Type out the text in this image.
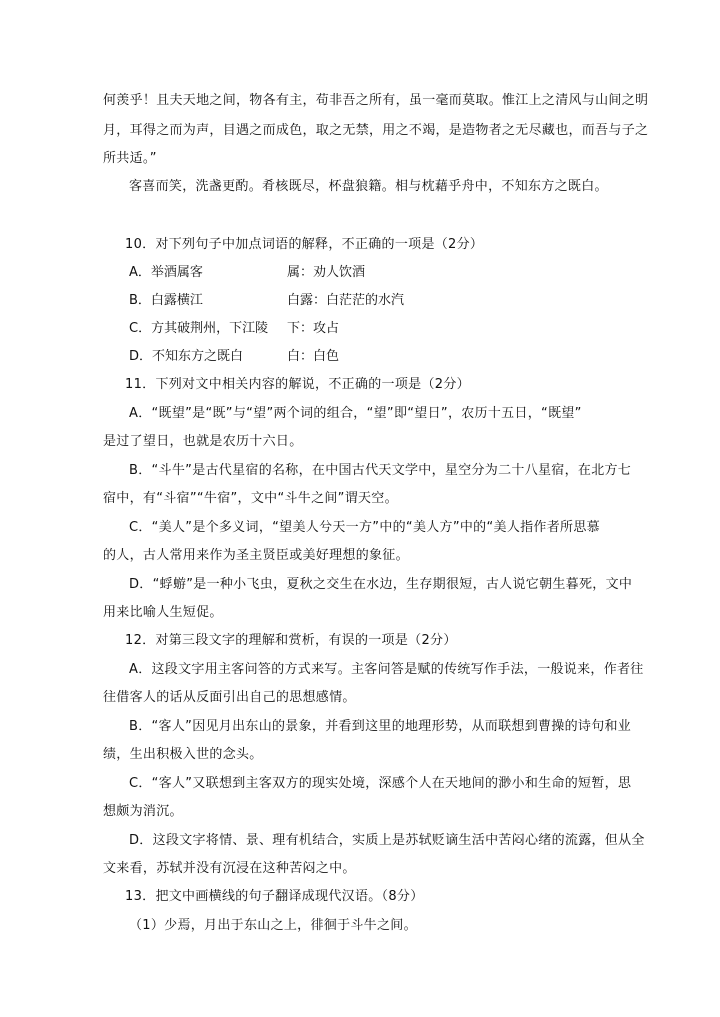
何羡乎！且夫天地之间，物各有主，苟非吾之所有，虽一毫而莫取。惟江上之清风与山间之明
月，耳得之而为声，目遇之而成色，取之无禁，用之不竭，是造物者之无尽藏也，而吾与子之
所共适。”
客喜而笑，洗盏更酌。肴核既尽，杯盘狼籍。相与枕藉乎舟中，不知东方之既白。
10．对下列句子中加点词语的解释，不正确的一项是（2分）
A．举酒属客	属：劝人饮酒
B．白露横江	白露：白茫茫的水汽
C．方其破荆州，下江陵 下：攻占
D．不知东方之既白	白：白色
11．下列对文中相关内容的解说，不正确的一项是（2分）
A．“既望”是“既”与“望”两个词的组合，“望”即“望日”，农历十五日，“既望”
是过了望日，也就是农历十六日。
B．“斗牛”是古代星宿的名称，在中国古代天文学中，星空分为二十八星宿，在北方七
宿中，有“斗宿”“牛宿”，文中“斗牛之间”谓天空。
C．“美人”是个多义词，“望美人兮天一方”中的“美人方”中的“美人指作者所思慕
的人，古人常用来作为圣主贤臣或美好理想的象征。
D．“蜉蝣”是一种小飞虫，夏秋之交生在水边，生存期很短，古人说它朝生暮死，文中
用来比喻人生短促。
12．对第三段文字的理解和赏析，有误的一项是（2分）
A．这段文字用主客问答的方式来写。主客问答是赋的传统写作手法，一般说来，作者往
往借客人的话从反面引出自己的思想感情。
B．“客人”因见月出东山的景象，并看到这里的地理形势，从而联想到曹操的诗句和业
绩，生出积极入世的念头。
C．“客人”又联想到主客双方的现实处境，深感个人在天地间的渺小和生命的短暂，思
想颇为消沉。
D．这段文字将情、景、理有机结合，实质上是苏轼贬谪生活中苦闷心绪的流露，但从全
文来看，苏轼并没有沉浸在这种苦闷之中。
13．把文中画横线的句子翻译成现代汉语。（8分）
（1）少焉，月出于东山之上，徘徊于斗牛之间。
